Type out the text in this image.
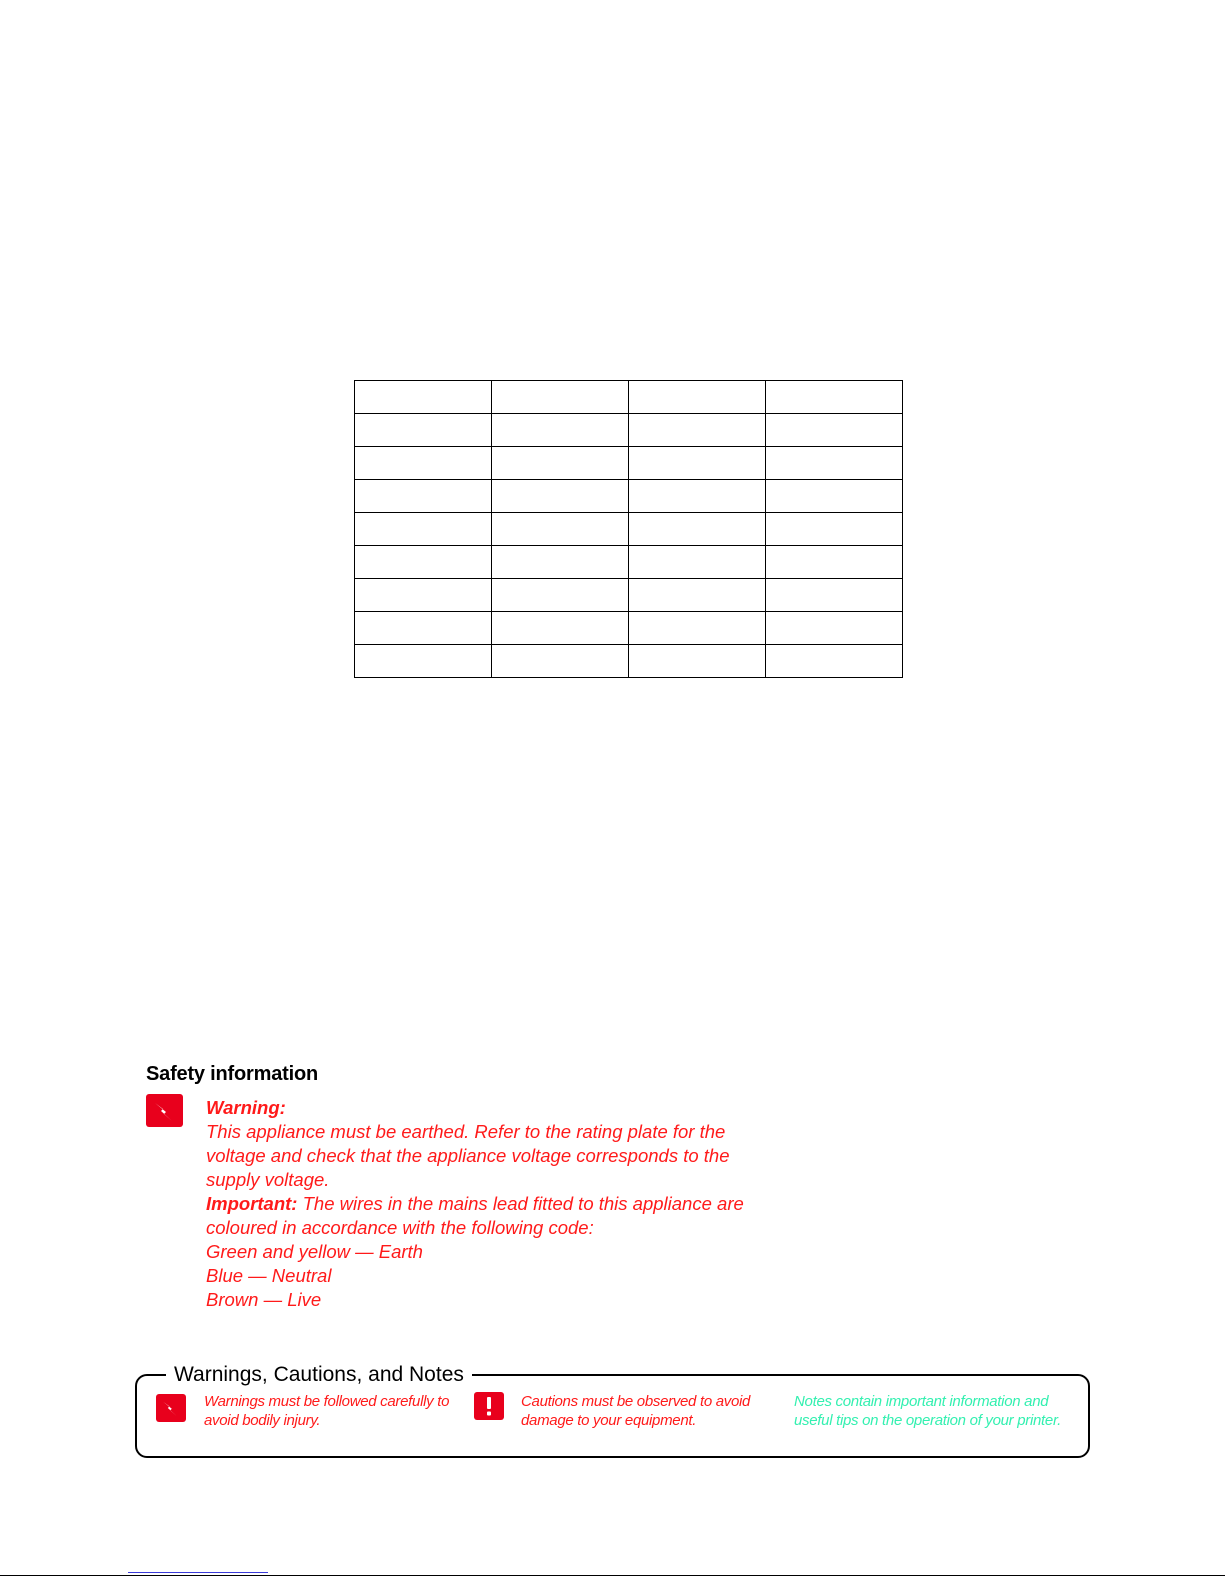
Safety information
Warning:
This appliance must be earthed. Refer to the rating plate for the
voltage and check that the appliance voltage corresponds to the
supply voltage.
Important: The wires in the mains lead fitted to this appliance are
coloured in accordance with the following code:
Green and yellow — Earth
Blue — Neutral
Brown — Live
Warnings, Cautions, and Notes
Warnings must be followed carefully to avoid bodily injury.
Cautions must be observed to avoid damage to your equipment.
Notes contain important information and useful tips on the operation of your printer.
